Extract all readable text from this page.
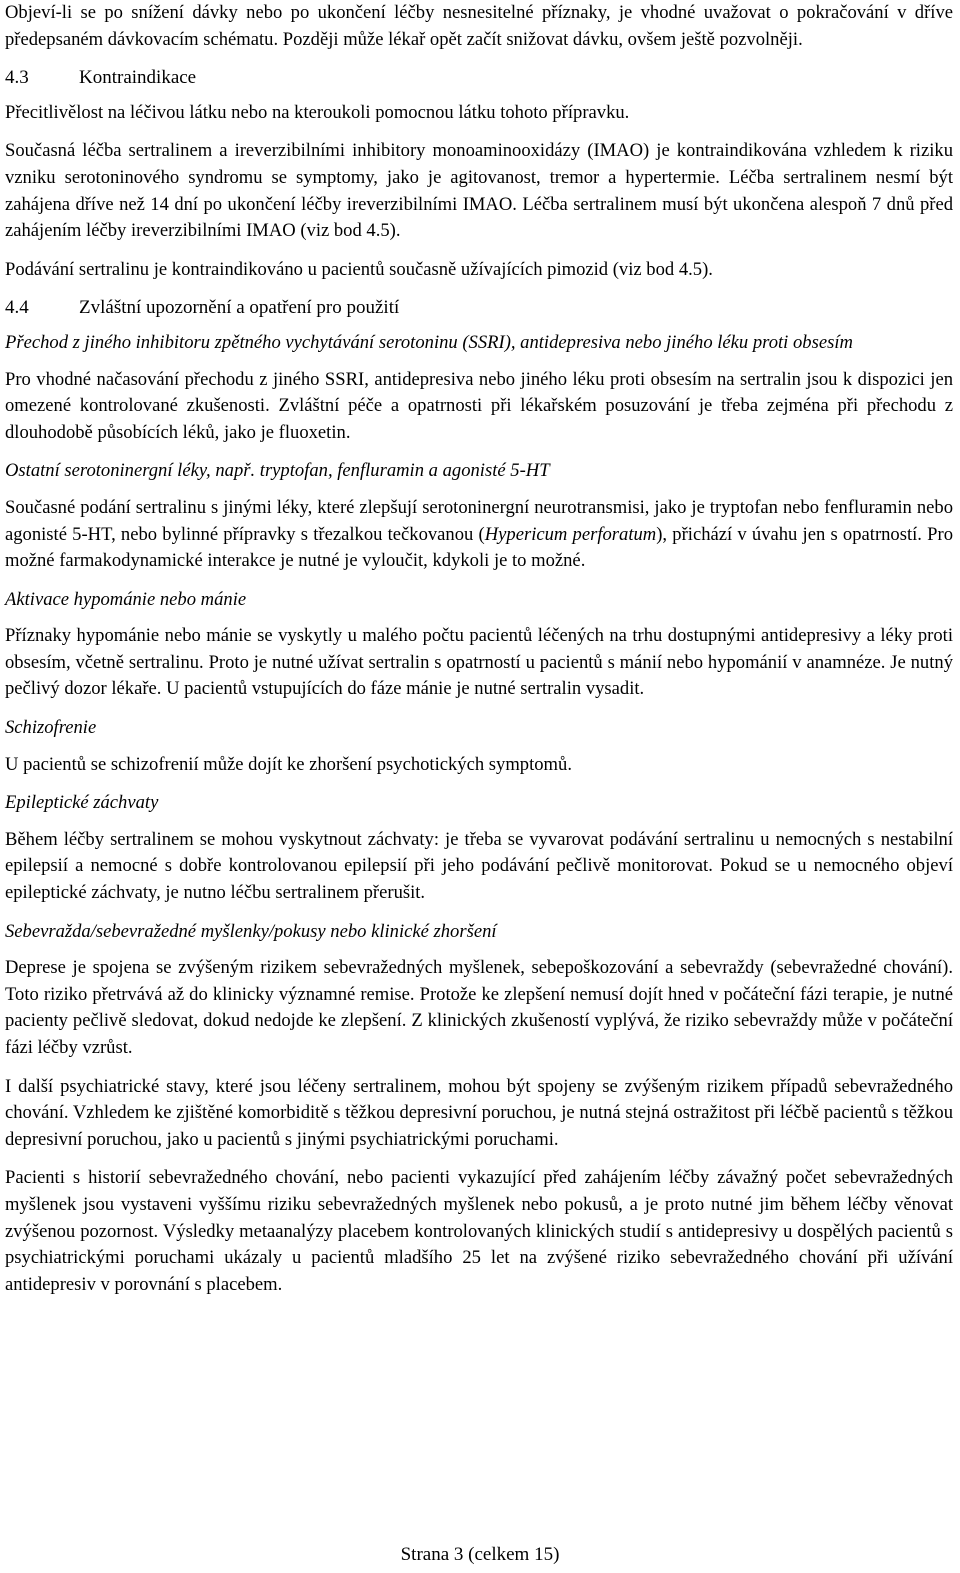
Objeví-li se po snížení dávky nebo po ukončení léčby nesnesitelné příznaky, je vhodné uvažovat o pokračování v dříve předepsaném dávkovacím schématu. Později může lékař opět začít snižovat dávku, ovšem ještě pozvolněji.

4.3	Kontraindikace

Přecitlivělost na léčivou látku nebo na kteroukoli pomocnou látku tohoto přípravku.

Současná léčba sertralinem a ireverzibilními inhibitory monoaminooxidázy (IMAO) je kontraindikována vzhledem k riziku vzniku serotoninového syndromu se symptomy, jako je agitovanost, tremor a hypertermie. Léčba sertralinem nesmí být zahájena dříve než 14 dní po ukončení léčby ireverzibilními IMAO. Léčba sertralinem musí být ukončena alespoň 7 dnů před zahájením léčby ireverzibilními IMAO (viz bod 4.5).

Podávání sertralinu je kontraindikováno u pacientů současně užívajících pimozid (viz bod 4.5).

4.4	Zvláštní upozornění a opatření pro použití
Přechod z jiného inhibitoru zpětného vychytávání serotoninu (SSRI), antidepresiva nebo jiného léku proti obsesím

Pro vhodné načasování přechodu z jiného SSRI, antidepresiva nebo jiného léku proti obsesím na sertralin jsou k dispozici jen omezené kontrolované zkušenosti. Zvláštní péče a opatrnosti při lékařském posuzování je třeba zejména při přechodu z dlouhodobě působících léků, jako je fluoxetin.

Ostatní serotoninergní léky, např. tryptofan, fenfluramin a agonisté 5-HT

Současné podání sertralinu s jinými léky, které zlepšují serotoninergní neurotransmisi, jako je tryptofan nebo fenfluramin nebo agonisté 5-HT, nebo bylinné přípravky s třezalkou tečkovanou (Hypericum perforatum), přichází v úvahu jen s opatrností. Pro možné farmakodynamické interakce je nutné je vyloučit, kdykoli je to možné.

Aktivace hypománie nebo mánie

Příznaky hypománie nebo mánie se vyskytly u malého počtu pacientů léčených na trhu dostupnými antidepresivy a léky proti obsesím, včetně sertralinu. Proto je nutné užívat sertralin s opatrností u pacientů s mánií nebo hypománií v anamnéze. Je nutný pečlivý dozor lékaře. U pacientů vstupujících do fáze mánie je nutné sertralin vysadit.

Schizofrenie

U pacientů se schizofrenií může dojít ke zhoršení psychotických symptomů.

Epileptické záchvaty

Během léčby sertralinem se mohou vyskytnout záchvaty: je třeba se vyvarovat podávání sertralinu u nemocných s nestabilní epilepsií a nemocné s dobře kontrolovanou epilepsií při jeho podávání pečlivě monitorovat. Pokud se u nemocného objeví epileptické záchvaty, je nutno léčbu sertralinem přerušit.

Sebevražda/sebevražedné myšlenky/pokusy nebo klinické zhoršení

Deprese je spojena se zvýšeným rizikem sebevražedných myšlenek, sebepoškozování a sebevraždy (sebevražedné chování). Toto riziko přetrvává až do klinicky významné remise. Protože ke zlepšení nemusí dojít hned v počáteční fázi terapie, je nutné pacienty pečlivě sledovat, dokud nedojde ke zlepšení. Z klinických zkušeností vyplývá, že riziko sebevraždy může v počáteční fázi léčby vzrůst.

I další psychiatrické stavy, které jsou léčeny sertralinem, mohou být spojeny se zvýšeným rizikem případů sebevražedného chování. Vzhledem ke zjištěné komorbiditě s těžkou depresivní poruchou, je nutná stejná ostražitost při léčbě pacientů s těžkou depresivní poruchou, jako u pacientů s jinými psychiatrickými poruchami.

Pacienti s historií sebevražedného chování, nebo pacienti vykazující před zahájením léčby závažný počet sebevražedných myšlenek jsou vystaveni vyššímu riziku sebevražedných myšlenek nebo pokusů, a je proto nutné jim během léčby věnovat zvýšenou pozornost. Výsledky metaanalýzy placebem kontrolovaných klinických studií s antidepresivy u dospělých pacientů s psychiatrickými poruchami ukázaly u pacientů mladšího 25 let na zvýšené riziko sebevražedného chování při užívání antidepresiv v porovnání s placebem.

Strana 3 (celkem 15)
